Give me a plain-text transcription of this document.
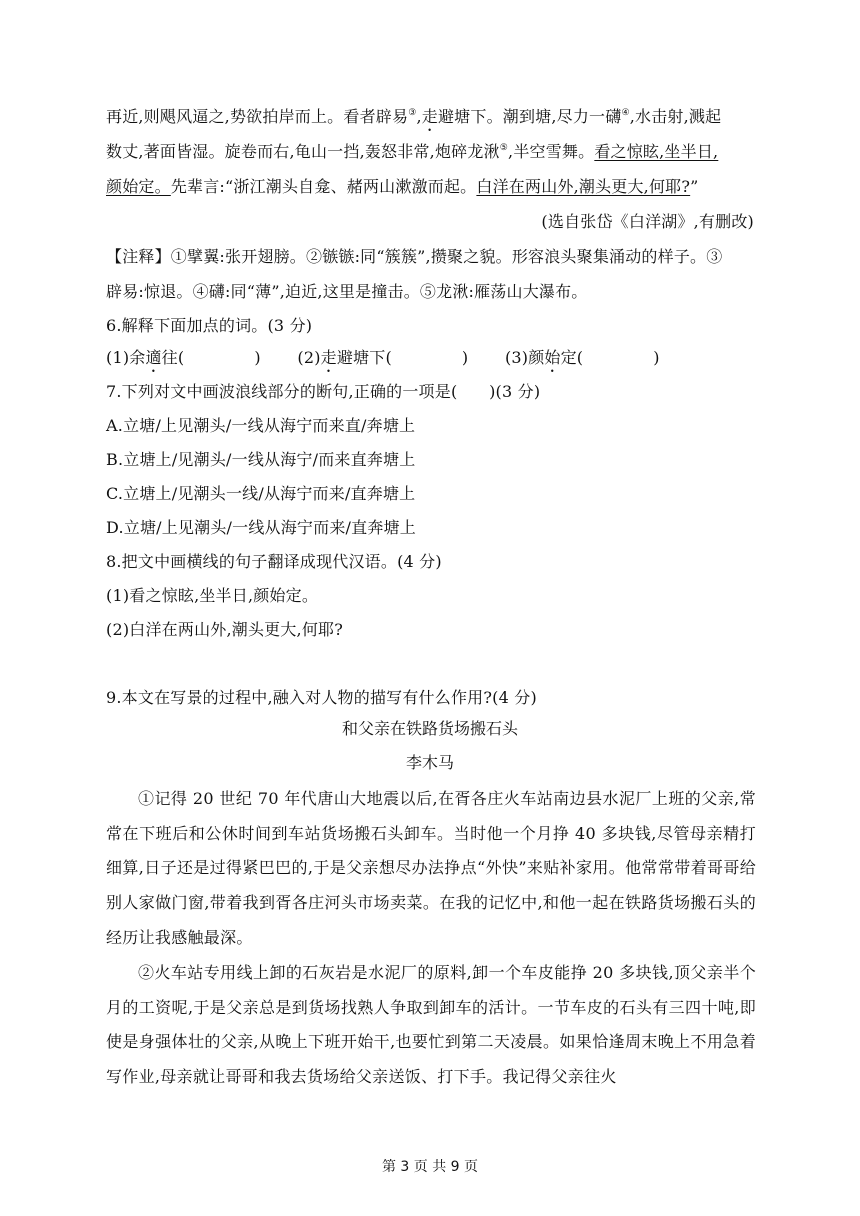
再近,则飓风逼之,势欲拍岸而上。看者辟易③,走避塘下。潮到塘,尽力一礴④,水击射,溅起
数丈,著面皆湿。旋卷而右,龟山一挡,轰怒非常,炮碎龙湫⑤,半空雪舞。看之惊眩,坐半日,
颜始定。先辈言:“浙江潮头自龛、赭两山漱激而起。白洋在两山外,潮头更大,何耶?”
(选自张岱《白洋湖》,有删改)
【注释】①擘翼:张开翅膀。②镞镞:同“簇簇”,攒聚之貌。形容浪头聚集涌动的样子。③
辟易:惊退。④礴:同“薄”,迫近,这里是撞击。⑤龙湫:雁荡山大瀑布。
6.解释下面加点的词。(3 分)
(1)余適往(	) (2)走避塘下(	) (3)颜始定(	)
7.下列对文中画波浪线部分的断句,正确的一项是(      )(3 分)
A.立塘/上见潮头/一线从海宁而来直/奔塘上
B.立塘上/见潮头/一线从海宁/而来直奔塘上
C.立塘上/见潮头一线/从海宁而来/直奔塘上
D.立塘/上见潮头/一线从海宁而来/直奔塘上
8.把文中画横线的句子翻译成现代汉语。(4 分)
(1)看之惊眩,坐半日,颜始定。
(2)白洋在两山外,潮头更大,何耶?
9.本文在写景的过程中,融入对人物的描写有什么作用?(4 分)
和父亲在铁路货场搬石头
李木马
①记得 20 世纪 70 年代唐山大地震以后,在胥各庄火车站南边县水泥厂上班的父亲,常常在下班后和公休时间到车站货场搬石头卸车。当时他一个月挣 40 多块钱,尽管母亲精打细算,日子还是过得紧巴巴的,于是父亲想尽办法挣点“外快”来贴补家用。他常常带着哥哥给别人家做门窗,带着我到胥各庄河头市场卖菜。在我的记忆中,和他一起在铁路货场搬石头的经历让我感触最深。
②火车站专用线上卸的石灰岩是水泥厂的原料,卸一个车皮能挣 20 多块钱,顶父亲半个月的工资呢,于是父亲总是到货场找熟人争取到卸车的活计。一节车皮的石头有三四十吨,即使是身强体壮的父亲,从晚上下班开始干,也要忙到第二天凌晨。如果恰逢周末晚上不用急着写作业,母亲就让哥哥和我去货场给父亲送饭、打下手。我记得父亲往火
第 3 页 共 9 页
